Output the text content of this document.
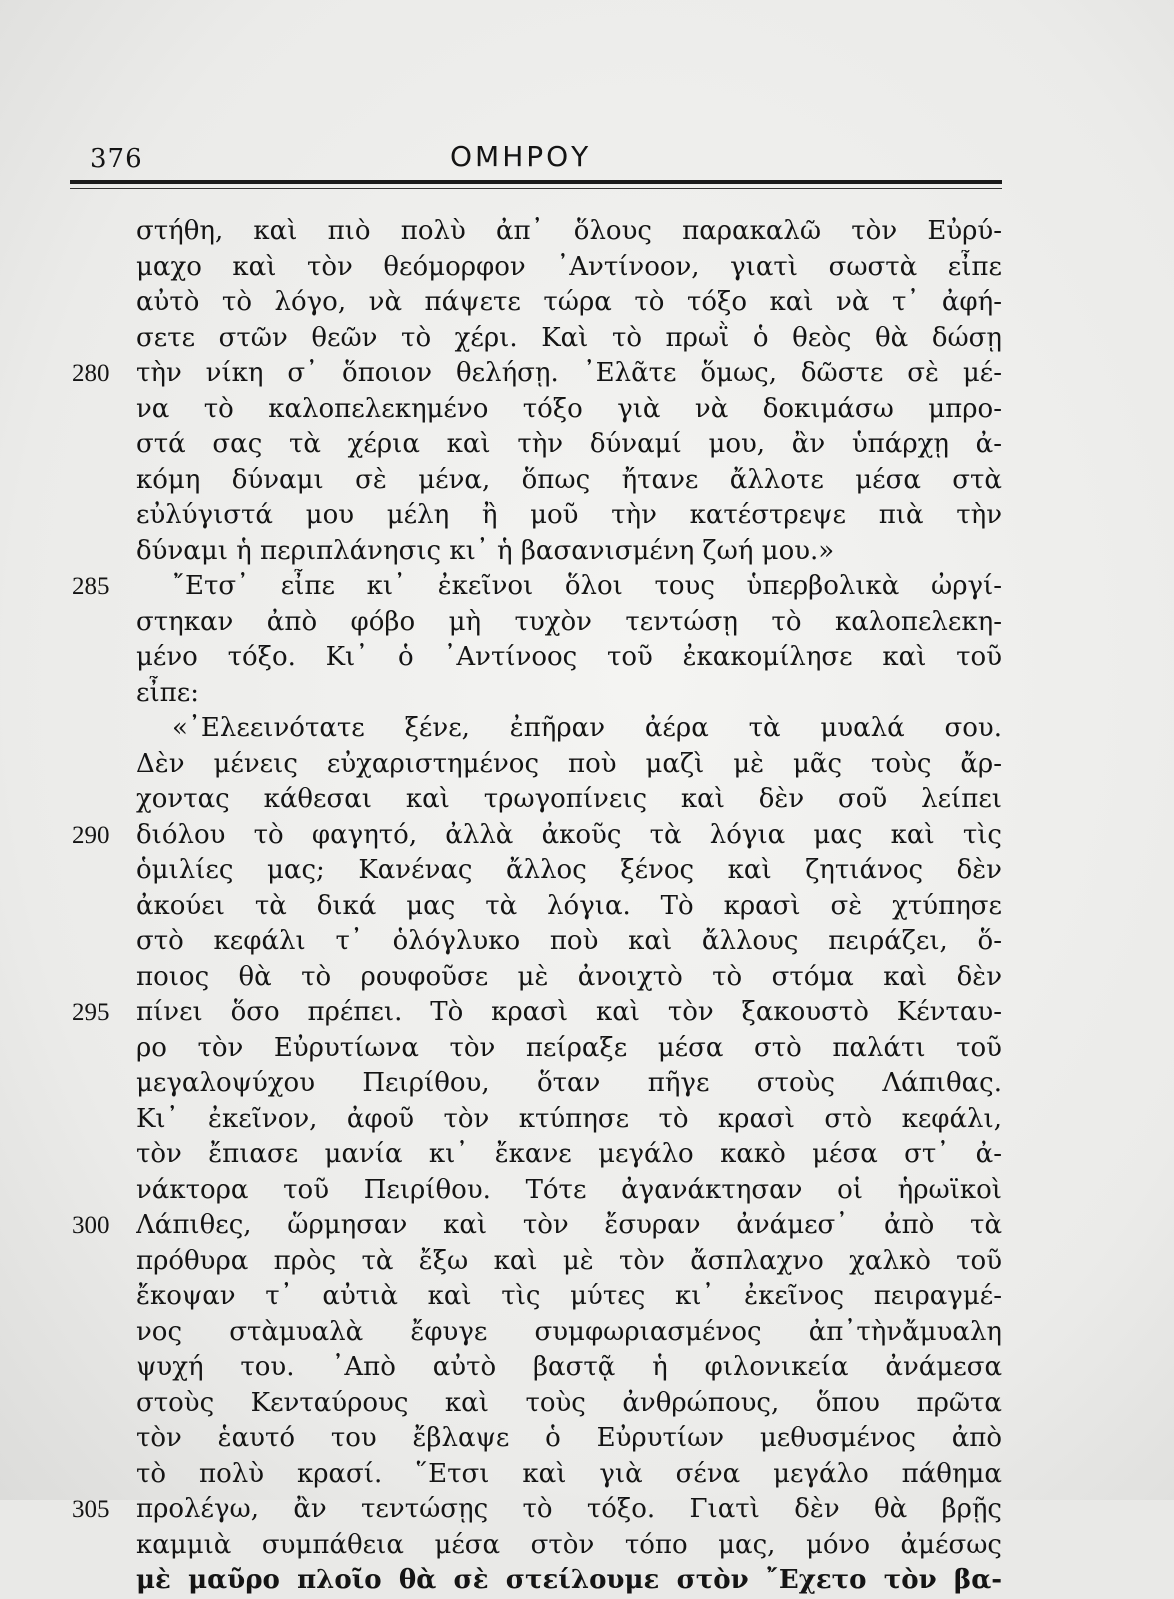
376	ΟΜΗΡΟΥ
στήθη, καὶ πιὸ πολὺ ἀπ᾽ ὅλους παρακαλῶ τὸν Εὐρύ-
μαχο καὶ τὸν θεόμορφον ᾽Αντίνοον, γιατὶ σωστὰ εἶπε
αὐτὸ τὸ λόγο, νὰ πάψετε τώρα τὸ τόξο καὶ νὰ τ᾽ ἀφή-
σετε στῶν θεῶν τὸ χέρι. Καὶ τὸ πρωῒ ὁ θεὸς θὰ δώσῃ
280 τὴν νίκη σ᾽ ὅποιον θελήσῃ. ᾽Ελᾶτε ὅμως, δῶστε σὲ μέ-
να τὸ καλοπελεκημένο τόξο γιὰ νὰ δοκιμάσω μπρο-
στά σας τὰ χέρια καὶ τὴν δύναμί μου, ἂν ὑπάρχῃ ἀ-
κόμη δύναμι σὲ μένα, ὅπως ἤτανε ἄλλοτε μέσα στὰ
εὐλύγιστά μου μέλη ἢ μοῦ τὴν κατέστρεψε πιὰ τὴν
δύναμι ἡ περιπλάνησις κι᾽ ἡ βασανισμένη ζωή μου.»
285 ῎Ετσ᾽ εἶπε κι᾽ ἐκεῖνοι ὅλοι τους ὑπερβολικὰ ὠργί-
στηκαν ἀπὸ φόβο μὴ τυχὸν τεντώσῃ τὸ καλοπελεκη-
μένο τόξο. Κι᾽ ὁ ᾽Αντίνοος τοῦ ἐκακομίλησε καὶ τοῦ
εἶπε:
«᾽Ελεεινότατε ξένε, ἐπῆραν ἀέρα τὰ μυαλά σου.
Δὲν μένεις εὐχαριστημένος ποὺ μαζὶ μὲ μᾶς τοὺς ἄρ-
χοντας κάθεσαι καὶ τρωγοπίνεις καὶ δὲν σοῦ λείπει
290 διόλου τὸ φαγητό, ἀλλὰ ἀκοῦς τὰ λόγια μας καὶ τὶς
ὁμιλίες μας; Κανένας ἄλλος ξένος καὶ ζητιάνος δὲν
ἀκούει τὰ δικά μας τὰ λόγια. Τὸ κρασὶ σὲ χτύπησε
στὸ κεφάλι τ᾽ ὁλόγλυκο ποὺ καὶ ἄλλους πειράζει, ὅ-
ποιος θὰ τὸ ρουφοῦσε μὲ ἀνοιχτὸ τὸ στόμα καὶ δὲν
295 πίνει ὅσο πρέπει. Τὸ κρασὶ καὶ τὸν ξακουστὸ Κένταυ-
ρο τὸν Εὐρυτίωνα τὸν πείραξε μέσα στὸ παλάτι τοῦ
μεγαλοψύχου Πειρίθου, ὅταν πῆγε στοὺς Λάπιθας.
Κι᾽ ἐκεῖνον, ἀφοῦ τὸν κτύπησε τὸ κρασὶ στὸ κεφάλι,
τὸν ἔπιασε μανία κι᾽ ἔκανε μεγάλο κακὸ μέσα στ᾽ ἀ-
νάκτορα τοῦ Πειρίθου. Τότε ἀγανάκτησαν οἱ ἡρωϊκοὶ
300 Λάπιθες, ὥρμησαν καὶ τὸν ἔσυραν ἀνάμεσ᾽ ἀπὸ τὰ
πρόθυρα πρὸς τὰ ἔξω καὶ μὲ τὸν ἄσπλαχνο χαλκὸ τοῦ
ἔκοψαν τ᾽ αὐτιὰ καὶ τὶς μύτες κι᾽ ἐκεῖνος πειραγμέ-
νος στὰμυαλὰ ἔφυγε συμφωριασμένος ἀπ᾽τὴνἄμυαλη
ψυχή του. ᾽Απὸ αὐτὸ βαστᾷ ἡ φιλονικεία ἀνάμεσα
στοὺς Κενταύρους καὶ τοὺς ἀνθρώπους, ὅπου πρῶτα
τὸν ἑαυτό του ἔβλαψε ὁ Εὐρυτίων μεθυσμένος ἀπὸ
τὸ πολὺ κρασί. ῞Ετσι καὶ γιὰ σένα μεγάλο πάθημα
305 προλέγω, ἂν τεντώσῃς τὸ τόξο. Γιατὶ δὲν θὰ βρῇς
καμμιὰ συμπάθεια μέσα στὸν τόπο μας, μόνο ἀμέσως
μὲ μαῦρο πλοῖο θὰ σὲ στείλουμε στὸν ῎Εχετο τὸν βα-
